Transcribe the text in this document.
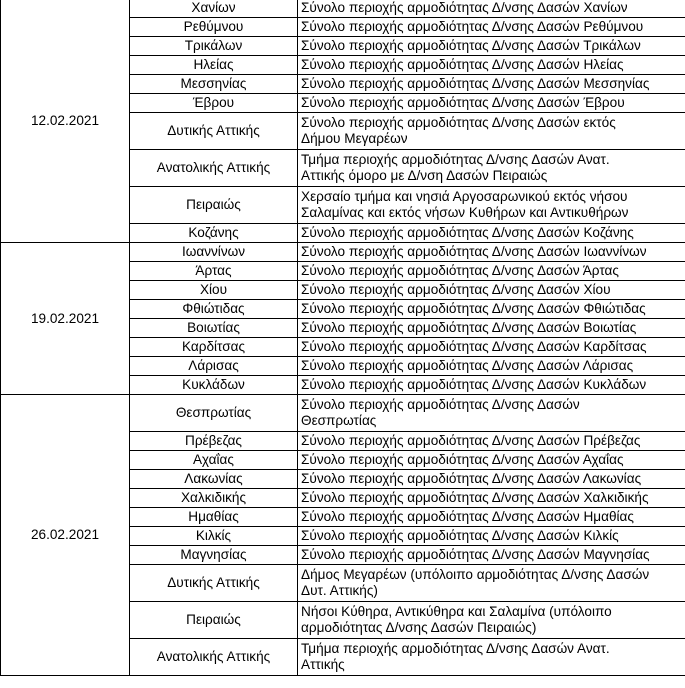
12.02.2021	Χανίων	Σύνολο περιοχής αρμοδιότητας Δ/νσης Δασών Χανίων

	Ρεθύμνου	Σύνολο περιοχής αρμοδιότητας Δ/νσης Δασών Ρεθύμνου

	Τρικάλων	Σύνολο περιοχής αρμοδιότητας Δ/νσης Δασών Τρικάλων

	Ηλείας	Σύνολο περιοχής αρμοδιότητας Δ/νσης Δασών Ηλείας

	Μεσσηνίας	Σύνολο περιοχής αρμοδιότητας Δ/νσης Δασών Μεσσηνίας

	Έβρου	Σύνολο περιοχής αρμοδιότητας Δ/νσης Δασών Έβρου

	Δυτικής Αττικής	Σύνολο περιοχής αρμοδιότητας Δ/νσης Δασών εκτός
Δήμου Μεγαρέων

	Ανατολικής Αττικής	Τμήμα περιοχής αρμοδιότητας Δ/νσης Δασών Ανατ.
Αττικής όμορο με Δ/νση Δασών Πειραιώς

	Πειραιώς	Χερσαίο τμήμα και νησιά Αργοσαρωνικού εκτός νήσου
Σαλαμίνας και εκτός νήσων Κυθήρων και Αντικυθήρων

	Κοζάνης	Σύνολο περιοχής αρμοδιότητας Δ/νσης Δασών Κοζάνης

19.02.2021	Ιωαννίνων	Σύνολο περιοχής αρμοδιότητας Δ/νσης Δασών Ιωαννίνων

	Άρτας	Σύνολο περιοχής αρμοδιότητας Δ/νσης Δασών Άρτας

	Χίου	Σύνολο περιοχής αρμοδιότητας Δ/νσης Δασών Χίου

	Φθιώτιδας	Σύνολο περιοχής αρμοδιότητας Δ/νσης Δασών Φθιώτιδας

	Βοιωτίας	Σύνολο περιοχής αρμοδιότητας Δ/νσης Δασών Βοιωτίας

	Καρδίτσας	Σύνολο περιοχής αρμοδιότητας Δ/νσης Δασών Καρδίτσας

	Λάρισας	Σύνολο περιοχής αρμοδιότητας Δ/νσης Δασών Λάρισας

	Κυκλάδων	Σύνολο περιοχής αρμοδιότητας Δ/νσης Δασών Κυκλάδων

26.02.2021	Θεσπρωτίας	Σύνολο περιοχής αρμοδιότητας Δ/νσης Δασών
Θεσπρωτίας

	Πρέβεζας	Σύνολο περιοχής αρμοδιότητας Δ/νσης Δασών Πρέβεζας

	Αχαΐας	Σύνολο περιοχής αρμοδιότητας Δ/νσης Δασών Αχαΐας

	Λακωνίας	Σύνολο περιοχής αρμοδιότητας Δ/νσης Δασών Λακωνίας

	Χαλκιδικής	Σύνολο περιοχής αρμοδιότητας Δ/νσης Δασών Χαλκιδικής

	Ημαθίας	Σύνολο περιοχής αρμοδιότητας Δ/νσης Δασών Ημαθίας

	Κιλκίς	Σύνολο περιοχής αρμοδιότητας Δ/νσης Δασών Κιλκίς

	Μαγνησίας	Σύνολο περιοχής αρμοδιότητας Δ/νσης Δασών Μαγνησίας

	Δυτικής Αττικής	Δήμος Μεγαρέων (υπόλοιπο αρμοδιότητας Δ/νσης Δασών
Δυτ. Αττικής)

	Πειραιώς	Νήσοι Κύθηρα, Αντικύθηρα και Σαλαμίνα (υπόλοιπο
αρμοδιότητας Δ/νσης Δασών Πειραιώς)

	Ανατολικής Αττικής	Τμήμα περιοχής αρμοδιότητας Δ/νσης Δασών Ανατ.
Αττικής
